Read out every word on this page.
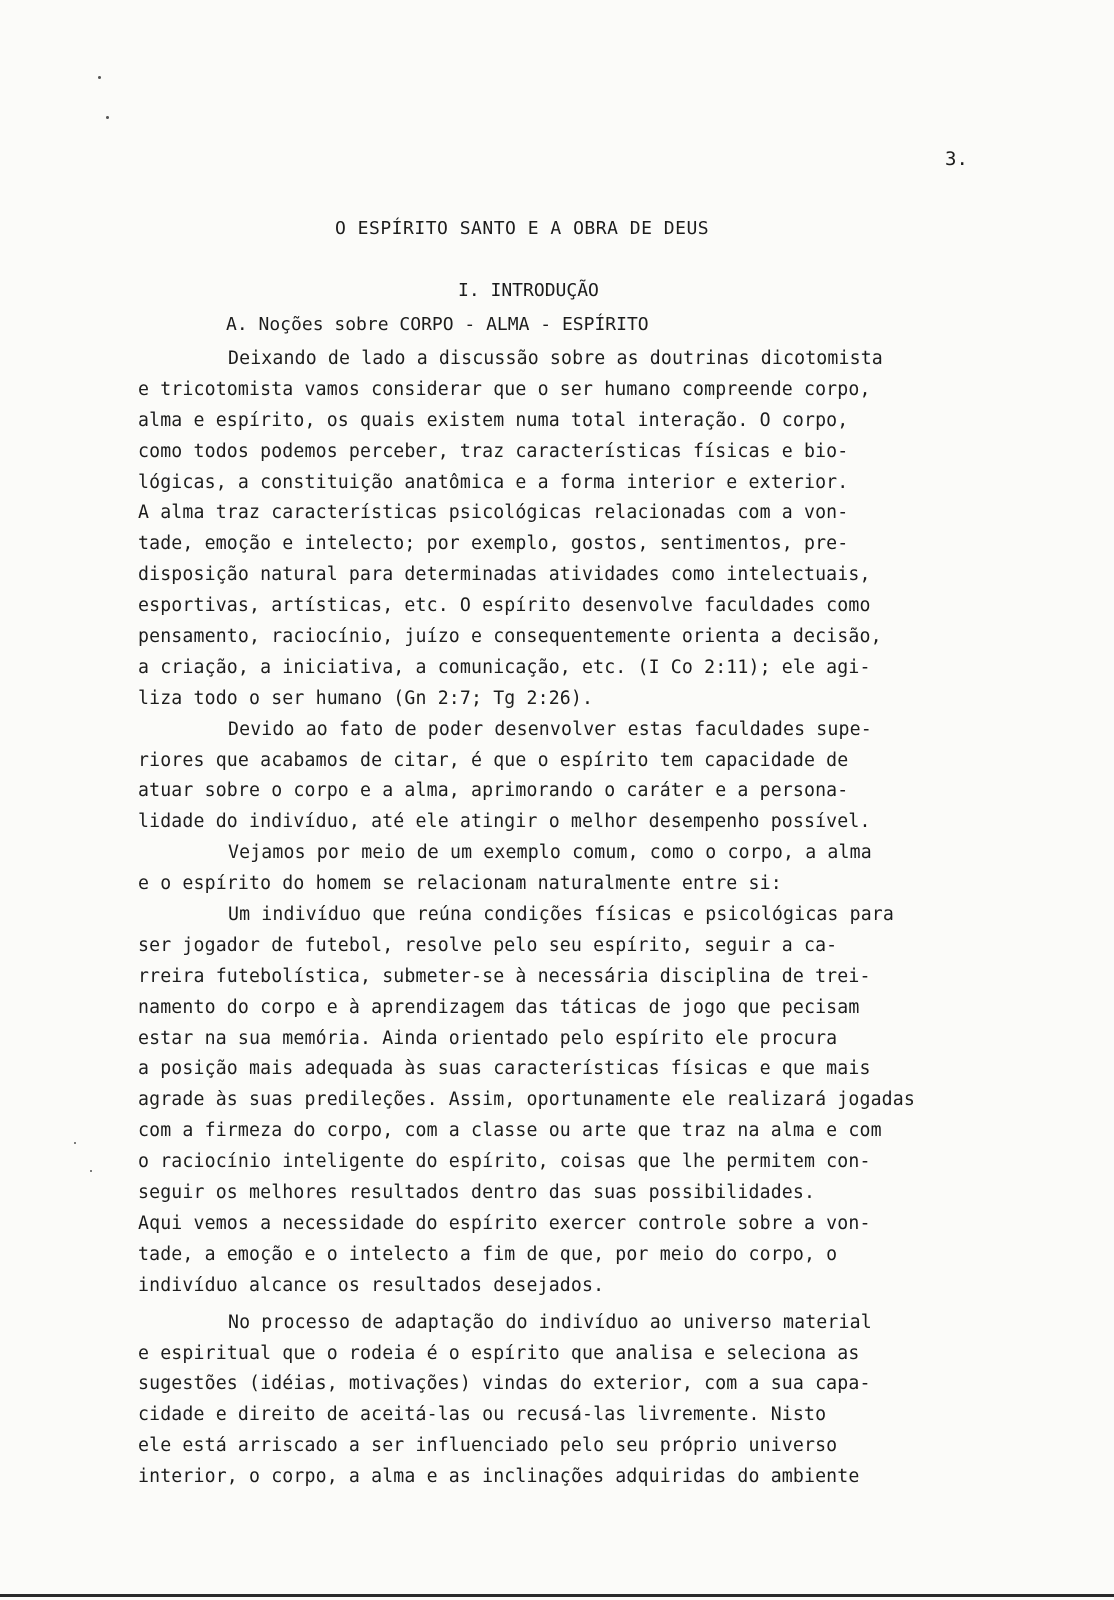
3.
O ESPÍRITO SANTO E A OBRA DE DEUS
I. INTRODUÇÃO
A. Noções sobre CORPO - ALMA - ESPÍRITO
Deixando de lado a discussão sobre as doutrinas dicotomista
e tricotomista vamos considerar que o ser humano compreende corpo,
alma e espírito, os quais existem numa total interação. O corpo,
como todos podemos perceber, traz características físicas e bio-
lógicas, a constituição anatômica e a forma interior e exterior.
A alma traz características psicológicas relacionadas com a von-
tade, emoção e intelecto; por exemplo, gostos, sentimentos, pre-
disposição natural para determinadas atividades como intelectuais,
esportivas, artísticas, etc. O espírito desenvolve faculdades como
pensamento, raciocínio, juízo e consequentemente orienta a decisão,
a criação, a iniciativa, a comunicação, etc. (I Co 2:11); ele agi-
liza todo o ser humano (Gn 2:7; Tg 2:26).
Devido ao fato de poder desenvolver estas faculdades supe-
riores que acabamos de citar, é que o espírito tem capacidade de
atuar sobre o corpo e a alma, aprimorando o caráter e a persona-
lidade do indivíduo, até ele atingir o melhor desempenho possível.
Vejamos por meio de um exemplo comum, como o corpo, a alma
e o espírito do homem se relacionam naturalmente entre si:
Um indivíduo que reúna condições físicas e psicológicas para
ser jogador de futebol, resolve pelo seu espírito, seguir a ca-
rreira futebolística, submeter-se à necessária disciplina de trei-
namento do corpo e à aprendizagem das táticas de jogo que pecisam
estar na sua memória. Ainda orientado pelo espírito ele procura
a posição mais adequada às suas características físicas e que mais
agrade às suas predileções. Assim, oportunamente ele realizará jogadas
com a firmeza do corpo, com a classe ou arte que traz na alma e com
o raciocínio inteligente do espírito, coisas que lhe permitem con-
seguir os melhores resultados dentro das suas possibilidades.
Aqui vemos a necessidade do espírito exercer controle sobre a von-
tade, a emoção e o intelecto a fim de que, por meio do corpo, o
indivíduo alcance os resultados desejados.
No processo de adaptação do indivíduo ao universo material
e espiritual que o rodeia é o espírito que analisa e seleciona as
sugestões (idéias, motivações) vindas do exterior, com a sua capa-
cidade e direito de aceitá-las ou recusá-las livremente. Nisto
ele está arriscado a ser influenciado pelo seu próprio universo
interior, o corpo, a alma e as inclinações adquiridas do ambiente
